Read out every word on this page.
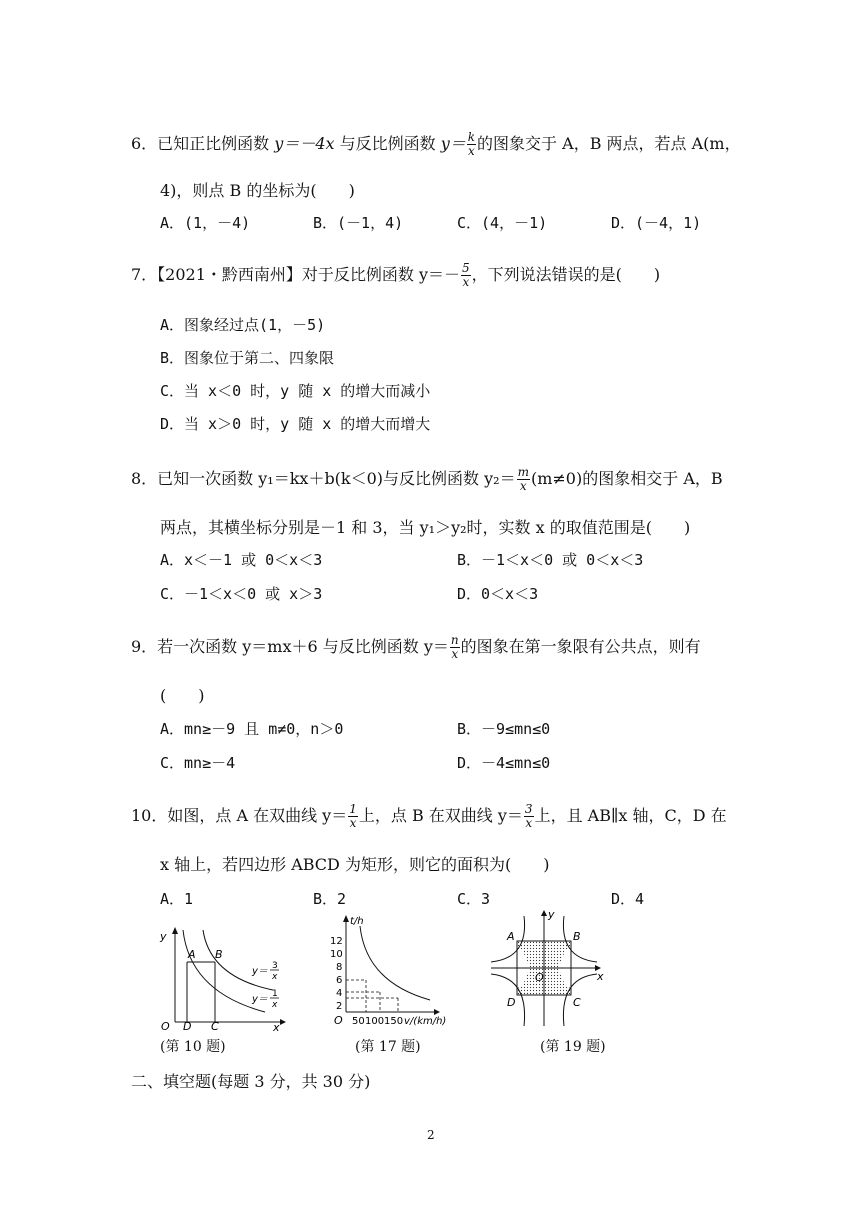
6．已知正比例函数 y＝－4x 与反比例函数 $y= \frac{k}{x}$ 的图象交于 A，B 两点，若点 A(m，
4)，则点 B 的坐标为(　　)
A．(1，－4)	B．(－1，4)	C．(4，－1)	D．(－4，1)
7．【2021・黔西南州】对于反比例函数 $y=- \frac{5}{x}$ ，下列说法错误的是(　　)
A．图象经过点(1，－5)
B．图象位于第二、四象限
C．当 x＜0 时，y 随 x 的增大而减小
D．当 x＞0 时，y 随 x 的增大而增大
8．已知一次函数 y₁＝kx＋b(k＜0)与反比例函数 $y_2= \frac{m}{x} (m\ne 0)$的图象相交于 A，B
两点，其横坐标分别是－1 和 3，当 y₁＞y₂时，实数 x 的取值范围是(　　)
A．x＜－1 或 0＜x＜3	B．－1＜x＜0 或 0＜x＜3
C．－1＜x＜0 或 x＞3	D．0＜x＜3
9．若一次函数 y＝mx＋6 与反比例函数 $y= \frac{n}{x}$ 的图象在第一象限有公共点，则有
(　　)
A．mn≥－9 且 m≠0，n＞0	B．－9≤mn≤0
C．mn≥－4	D．－4≤mn≤0
10．如图，点 A 在双曲线 $y= \frac{1}{x}$ 上，点 B 在双曲线 $y= \frac{3}{x}$ 上，且 AB∥x 轴，C，D 在
x 轴上，若四边形 ABCD 为矩形，则它的面积为(　　)
A．1	B．2	C．3	D．4
y
O D C	x
A B
y＝ 3
x
y＝ 1
x
(第 10 题)
t/h
12
10
8
6
4
2
O 50 100 150 v/(km/h)
(第 17 题)
A	B
D	C
O	x
y
(第 19 题)
二、填空题(每题 3 分，共 30 分)
2
